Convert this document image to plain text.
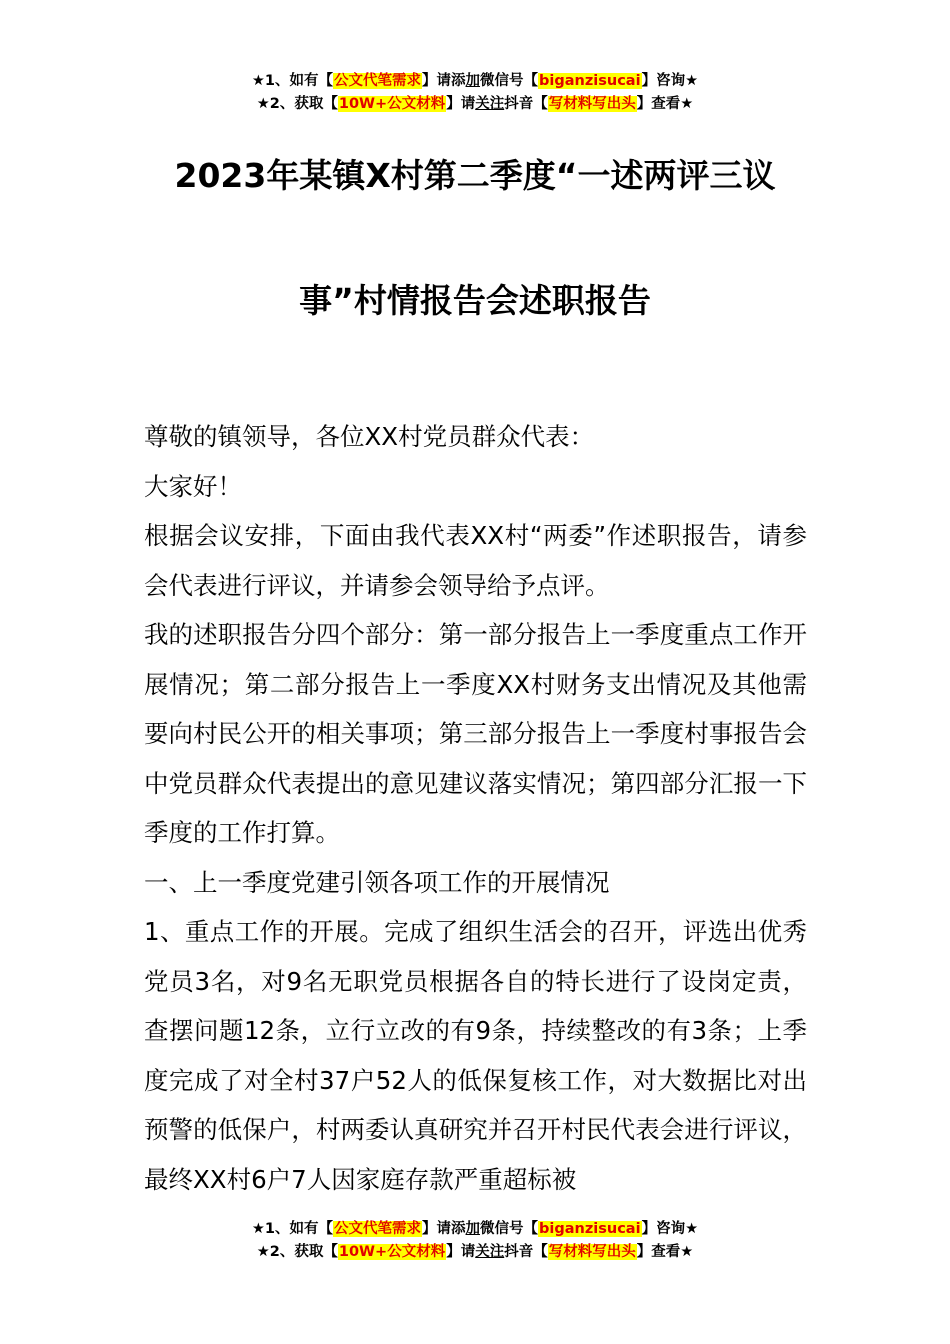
★1、如有【公文代笔需求】请添加微信号【biganzisucai】咨询★
★2、获取【10W+公文材料】请关注抖音【写材料写出头】查看★
2023年某镇X村第二季度“一述两评三议
事”村情报告会述职报告

尊敬的镇领导，各位XX村党员群众代表：

大家好！

根据会议安排，下面由我代表XX村“两委”作述职报告，请参会代表进行评议，并请参会领导给予点评。

我的述职报告分四个部分：第一部分报告上一季度重点工作开展情况；第二部分报告上一季度XX村财务支出情况及其他需要向村民公开的相关事项；第三部分报告上一季度村事报告会中党员群众代表提出的意见建议落实情况；第四部分汇报一下季度的工作打算。

一、上一季度党建引领各项工作的开展情况

1、重点工作的开展。完成了组织生活会的召开，评选出优秀党员3名，对9名无职党员根据各自的特长进行了设岗定责，查摆问题12条，立行立改的有9条，持续整改的有3条；上季度完成了对全村37户52人的低保复核工作，对大数据比对出预警的低保户，村两委认真研究并召开村民代表会进行评议，最终XX村6户7人因家庭存款严重超标被

★1、如有【公文代笔需求】请添加微信号【biganzisucai】咨询★
★2、获取【10W+公文材料】请关注抖音【写材料写出头】查看★
